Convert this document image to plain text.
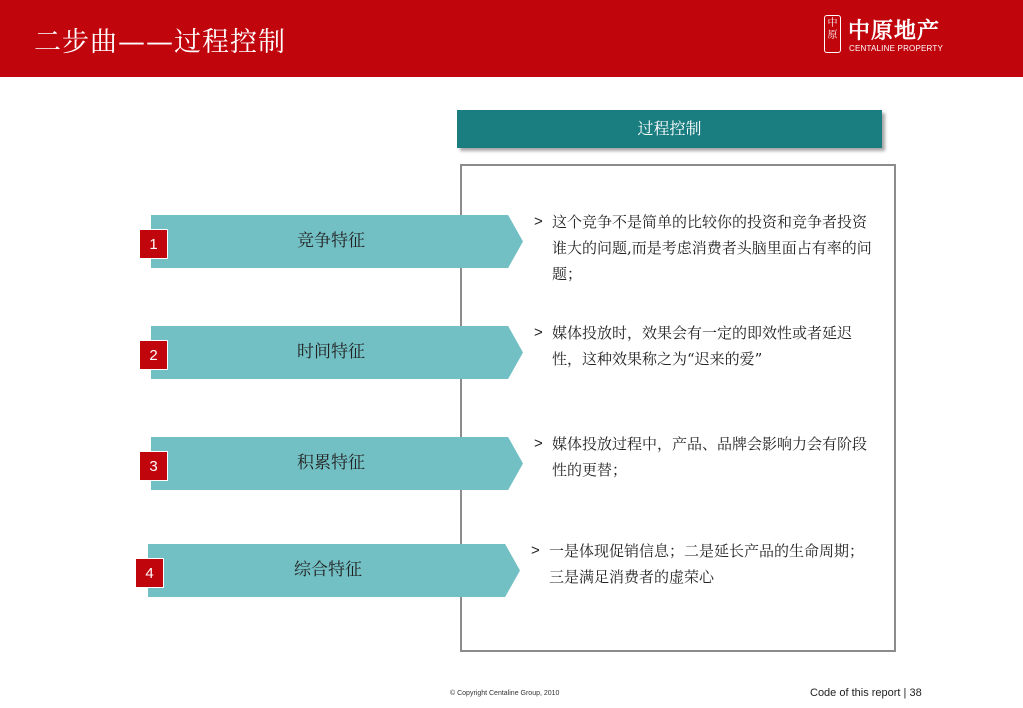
二步曲——过程控制
中原 中原地产
CENTALINE PROPERTY
过程控制
竞争特征
1
> 这个竞争不是简单的比较你的投资和竞争者投资谁大的问题,而是考虑消费者头脑里面占有率的问题；
时间特征
2
> 媒体投放时，效果会有一定的即效性或者延迟性，这种效果称之为“迟来的爱”
积累特征
3
> 媒体投放过程中，产品、品牌会影响力会有阶段性的更替；
综合特征
4
> 一是体现促销信息；二是延长产品的生命周期；三是满足消费者的虚荣心
© Copyright Centaline Group, 2010	Code of this report | 38
